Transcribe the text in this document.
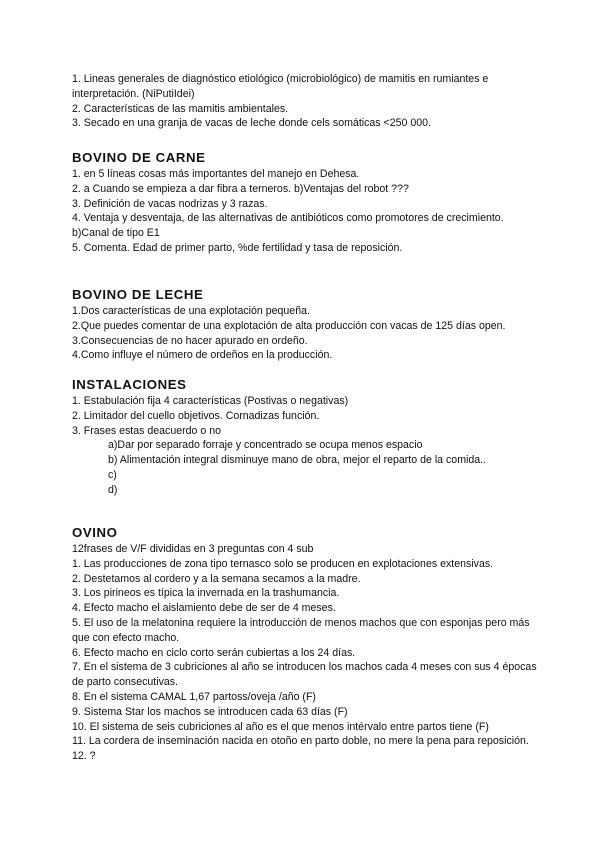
1. Lineas generales de diagnóstico etiológico (microbiológico) de mamitis en rumiantes e interpretación. (NiPutiIdei)
2. Características de las mamitis ambientales.
3. Secado en una granja de vacas de leche donde cels somáticas <250 000.
BOVINO DE CARNE
1. en 5 líneas cosas más importantes del manejo en Dehesa.
2. a Cuando se empieza a dar fibra a terneros. b)Ventajas del robot ???
3. Definición de vacas nodrizas y 3 razas.
4. Ventaja y desventaja, de las alternativas de antibióticos como promotores de crecimiento.
b)Canal de tipo E1
5. Comenta. Edad de primer parto, %de fertilidad y tasa de reposición.
BOVINO DE LECHE
1.Dos características de una explotación pequeña.
2.Que puedes comentar de una explotación de alta producción con vacas de 125 días open.
3.Consecuencias de no hacer apurado en ordeño.
4.Como influye el número de ordeños en la producción.
INSTALACIONES
1. Estabulación fija 4 características (Postivas o negativas)
2. Limitador del cuello objetivos. Cornadizas función.
3. Frases estas deacuerdo o no
a)Dar por separado forraje y concentrado se ocupa menos espacio
b) Alimentación integral disminuye mano de obra, mejor el reparto de la comida..
c)
d)
OVINO
12frases de V/F divididas en 3 preguntas con 4 sub
1. Las producciones de zona tipo ternasco solo se producen en explotaciones extensivas.
2. Destetamos al cordero y a la semana secamos a la madre.
3. Los pirineos es típica la invernada en la trashumancia.
4. Efecto macho el aislamiento debe de ser de 4 meses.
5. El uso de la melatonina requiere la introducción de menos machos que con esponjas pero más que con efecto macho.
6. Efecto macho en ciclo corto serán cubiertas a los 24 días.
7. En el sistema de 3 cubriciones al año se introducen los machos cada 4 meses con sus 4 épocas de parto consecutivas.
8. En el sistema CAMAL 1,67 partoss/oveja /año (F)
9. Sistema Star los machos se introducen cada 63 días (F)
10. El sistema de seis cubriciones al año es el que menos intérvalo entre partos tiene (F)
11. La cordera de inseminación nacida en otoño en parto doble, no mere la pena para reposición.
12. ?
